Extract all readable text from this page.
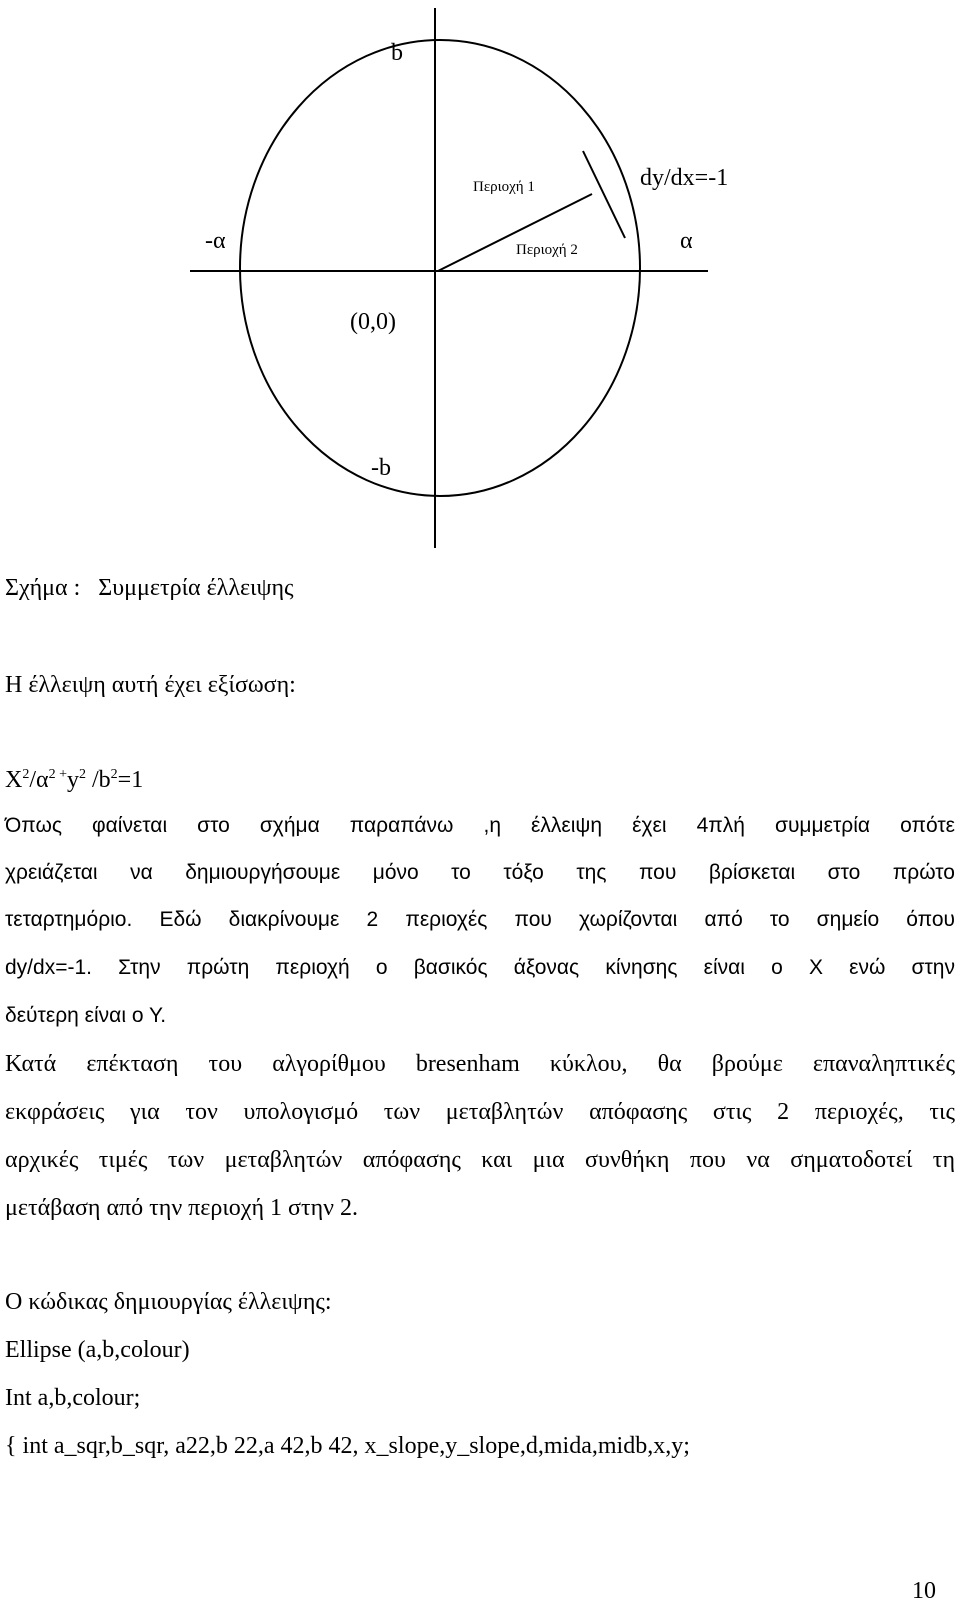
b
Περιοχή 1	dy/dx=-1
-α	Περιοχή 2	α
(0,0)
-b
Σχήμα : Συμμετρία έλλειψης
Η έλλειψη αυτή έχει εξίσωση:
$X^2/\alpha^{2 +}y^2$ $/b^2=1$
Όπως φαίνεται στο σχήμα παραπάνω ,η έλλειψη έχει 4πλή συμμετρία οπότε
χρειάζεται να δημιουργήσουμε μόνο το τόξο της που βρίσκεται στο πρώτο
τεταρτημόριο. Εδώ διακρίνουμε 2 περιοχές που χωρίζονται από το σημείο όπου
dy/dx=-1. Στην πρώτη περιοχή ο βασικός άξονας κίνησης είναι ο Χ ενώ στην
δεύτερη είναι ο Υ.
Κατά επέκταση του αλγορίθμου bresenham κύκλου, θα βρούμε επαναληπτικές
εκφράσεις για τον υπολογισμό των μεταβλητών απόφασης στις 2 περιοχές, τις
αρχικές τιμές των μεταβλητών απόφασης και μια συνθήκη που να σηματοδοτεί τη
μετάβαση από την περιοχή 1 στην 2.
Ο κώδικας δημιουργίας έλλειψης:
Ellipse (a,b,colour)
Int a,b,colour;
{ int a_sqr,b_sqr, a22,b 22,a 42,b 42, x_slope,y_slope,d,mida,midb,x,y;
10
